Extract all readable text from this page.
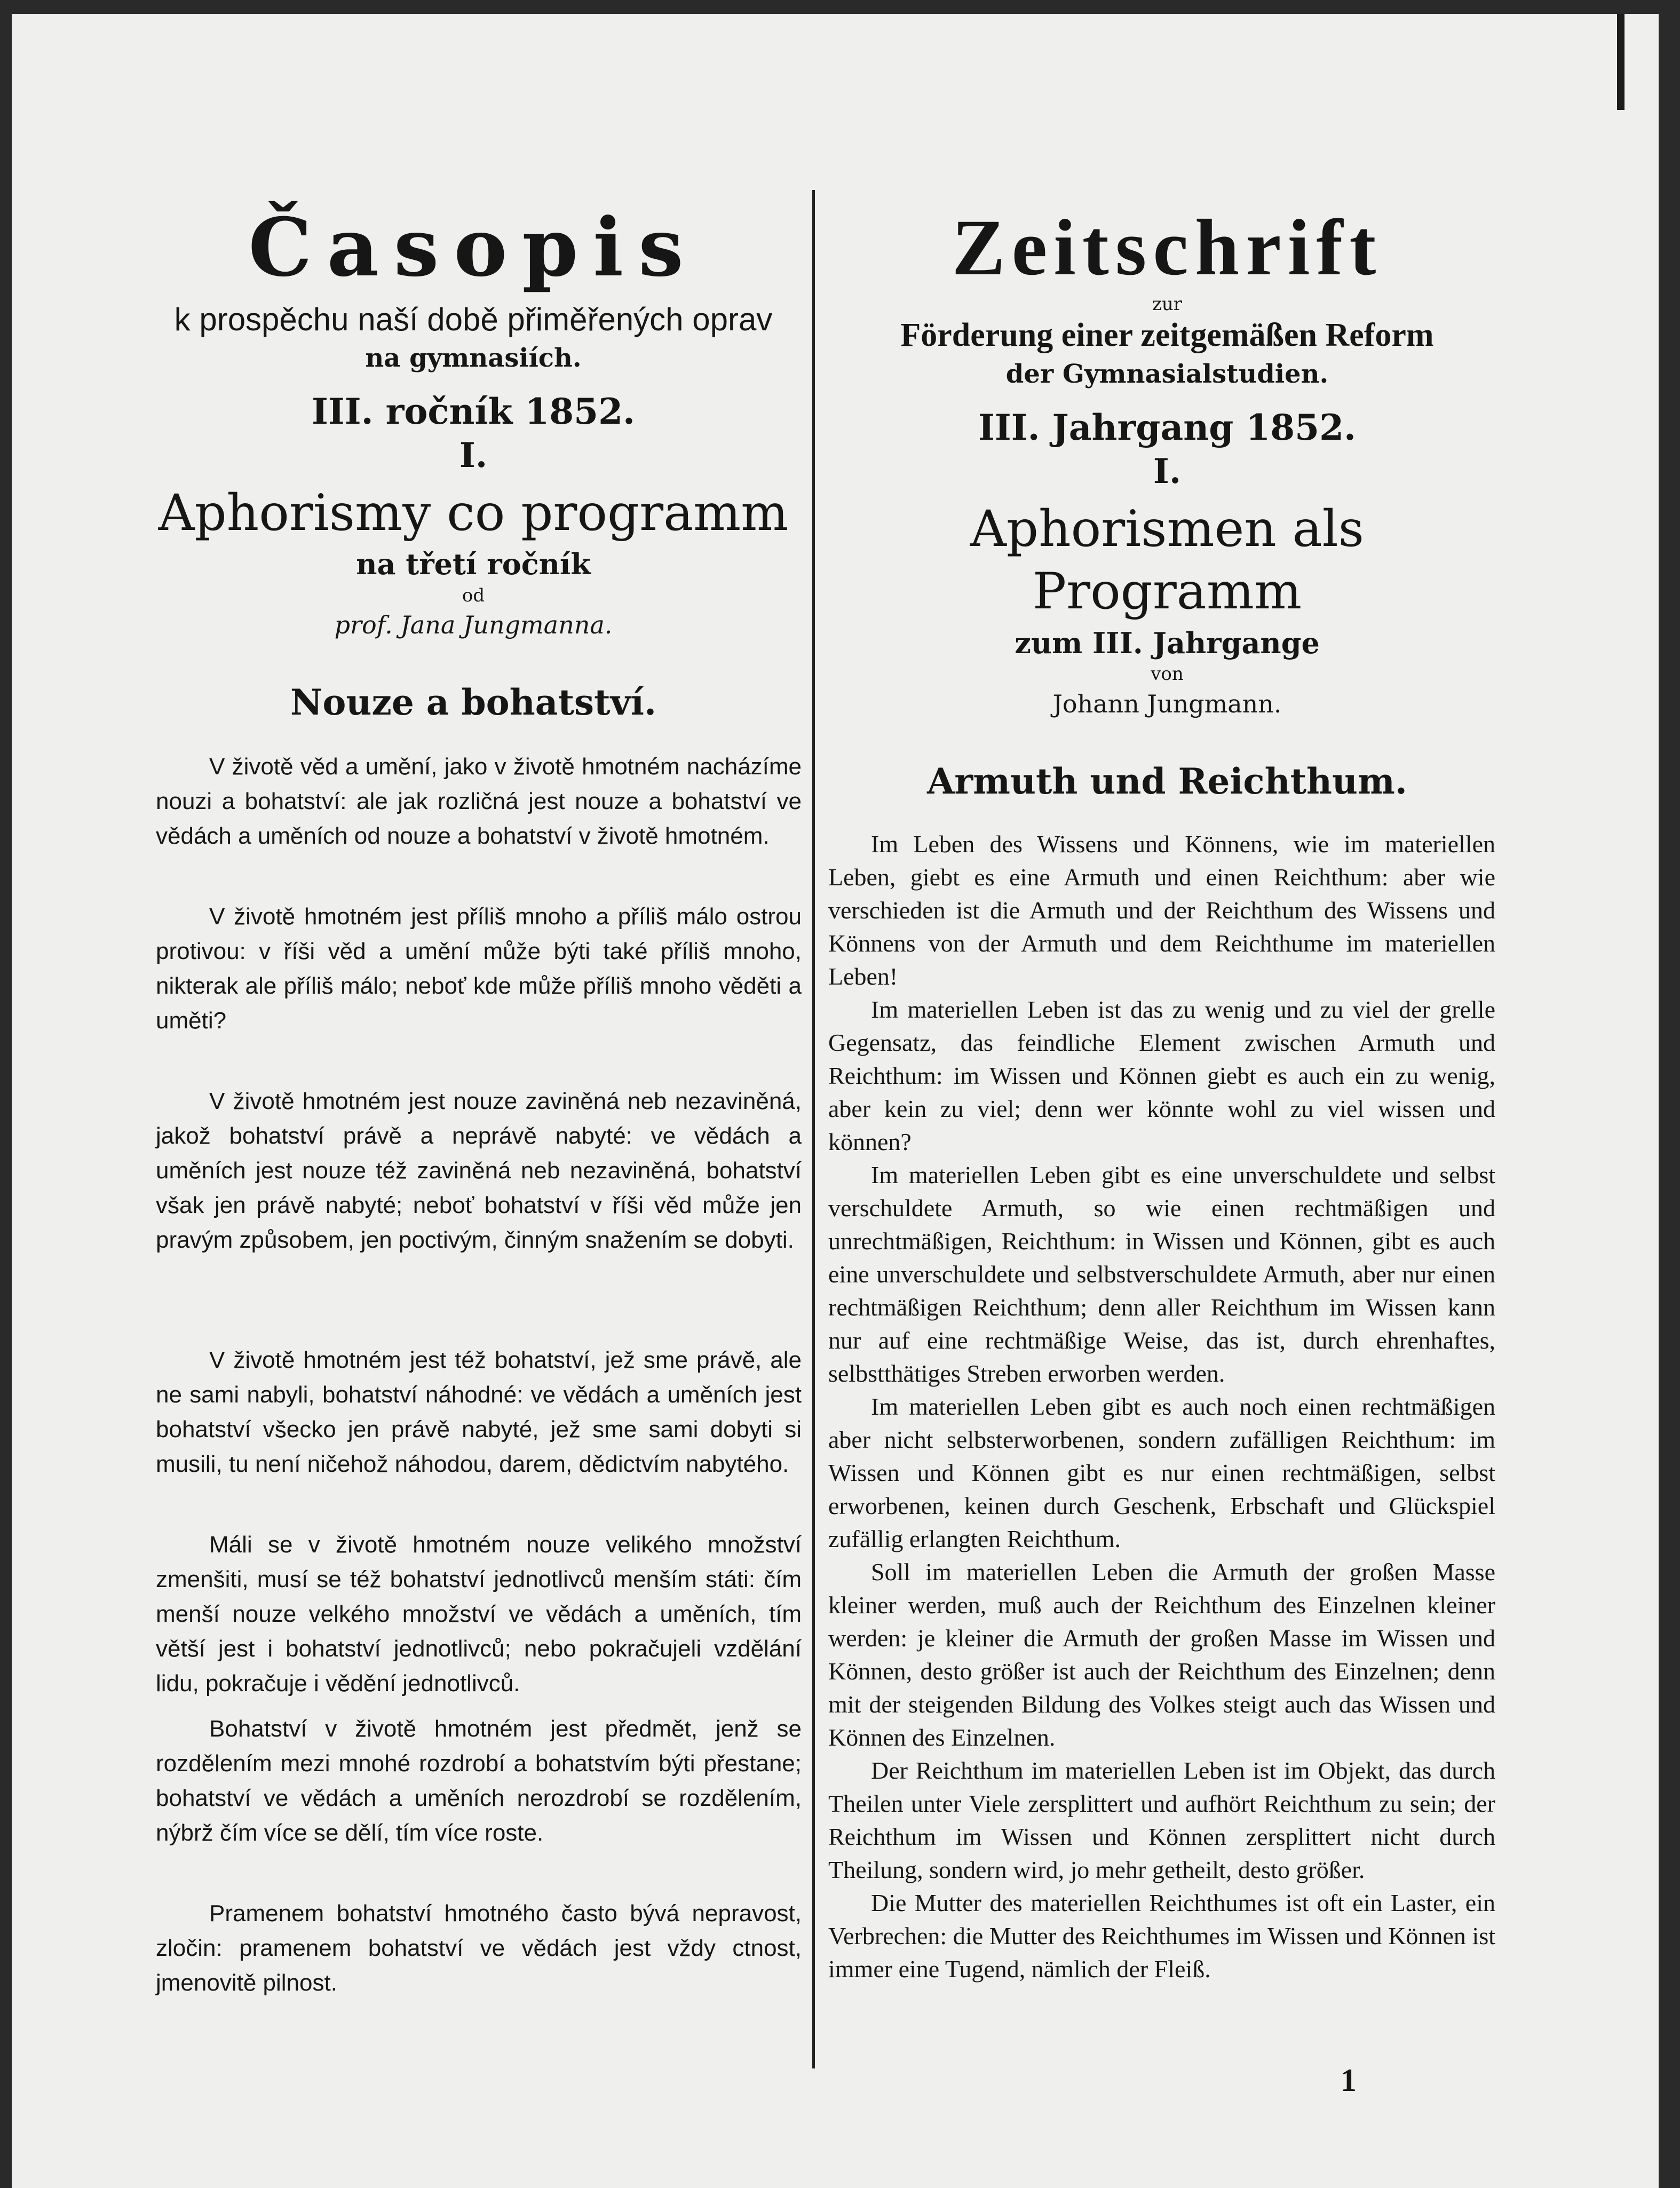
Časopis

k prospěchu naší době přiměřených oprav

na gymnasiích.

III. ročník 1852.

I.

Aphorismy co programm

na třetí ročník

od

prof. Jana Jungmanna.

Nouze a bohatství.

V životě věd a umění, jako v životě hmotném nacházíme nouzi a bohatství: ale jak rozličná jest nouze a bohatství ve vědách a uměních od nouze a bohatství v životě hmotném.

V životě hmotném jest příliš mnoho a příliš málo ostrou protivou: v říši věd a umění může býti také příliš mnoho, nikterak ale příliš málo; neboť kde může příliš mnoho věděti a uměti?

V životě hmotném jest nouze zaviněná neb nezaviněná, jakož bohatství právě a neprávě nabyté: ve vědách a uměních jest nouze též zaviněná neb nezaviněná, bohatství však jen právě nabyté; neboť bohatství v říši věd může jen pravým způsobem, jen poctivým, činným snažením se dobyti.

V životě hmotném jest též bohatství, jež sme právě, ale ne sami nabyli, bohatství náhodné: ve vědách a uměních jest bohatství všecko jen právě nabyté, jež sme sami dobyti si musili, tu není ničehož náhodou, darem, dědictvím nabytého.

Máli se v životě hmotném nouze velikého množství zmenšiti, musí se též bohatství jednotlivců menším státi: čím menší nouze velkého množství ve vědách a uměních, tím větší jest i bohatství jednotlivců; nebo pokračujeli vzdělání lidu, pokračuje i vědění jednotlivců.

Bohatství v životě hmotném jest předmět, jenž se rozdělením mezi mnohé rozdrobí a bohatstvím býti přestane; bohatství ve vědách a uměních nerozdrobí se rozdělením, nýbrž čím více se dělí, tím více roste.

Pramenem bohatství hmotného často bývá nepravost, zločin: pramenem bohatství ve vědách jest vždy ctnost, jmenovitě pilnost.

Zeitschrift

zur

Förderung einer zeitgemäßen Reform

der Gymnasialstudien.

III. Jahrgang 1852.

I.

Aphorismen als Programm

zum III. Jahrgange

von

Johann Jungmann.

Armuth und Reichthum.

Im Leben des Wissens und Könnens, wie im materiellen Leben, giebt es eine Armuth und einen Reichthum: aber wie verschieden ist die Armuth und der Reichthum des Wissens und Könnens von der Armuth und dem Reichthume im materiellen Leben!

Im materiellen Leben ist das zu wenig und zu viel der grelle Gegensatz, das feindliche Element zwischen Armuth und Reichthum: im Wissen und Können giebt es auch ein zu wenig, aber kein zu viel; denn wer könnte wohl zu viel wissen und können?

Im materiellen Leben gibt es eine unverschuldete und selbst verschuldete Armuth, so wie einen rechtmäßigen und unrechtmäßigen, Reichthum: in Wissen und Können, gibt es auch eine unverschuldete und selbstverschuldete Armuth, aber nur einen rechtmäßigen Reichthum; denn aller Reichthum im Wissen kann nur auf eine rechtmäßige Weise, das ist, durch ehrenhaftes, selbstthätiges Streben erworben werden.

Im materiellen Leben gibt es auch noch einen rechtmäßigen aber nicht selbsterworbenen, sondern zufälligen Reichthum: im Wissen und Können gibt es nur einen rechtmäßigen, selbst erworbenen, keinen durch Geschenk, Erbschaft und Glückspiel zufällig erlangten Reichthum.

Soll im materiellen Leben die Armuth der großen Masse kleiner werden, muß auch der Reichthum des Einzelnen kleiner werden: je kleiner die Armuth der großen Masse im Wissen und Können, desto größer ist auch der Reichthum des Einzelnen; denn mit der steigenden Bildung des Volkes steigt auch das Wissen und Können des Einzelnen.

Der Reichthum im materiellen Leben ist im Objekt, das durch Theilen unter Viele zersplittert und aufhört Reichthum zu sein; der Reichthum im Wissen und Können zersplittert nicht durch Theilung, sondern wird, jo mehr getheilt, desto größer.

Die Mutter des materiellen Reichthumes ist oft ein Laster, ein Verbrechen: die Mutter des Reichthumes im Wissen und Können ist immer eine Tugend, nämlich der Fleiß.

1
